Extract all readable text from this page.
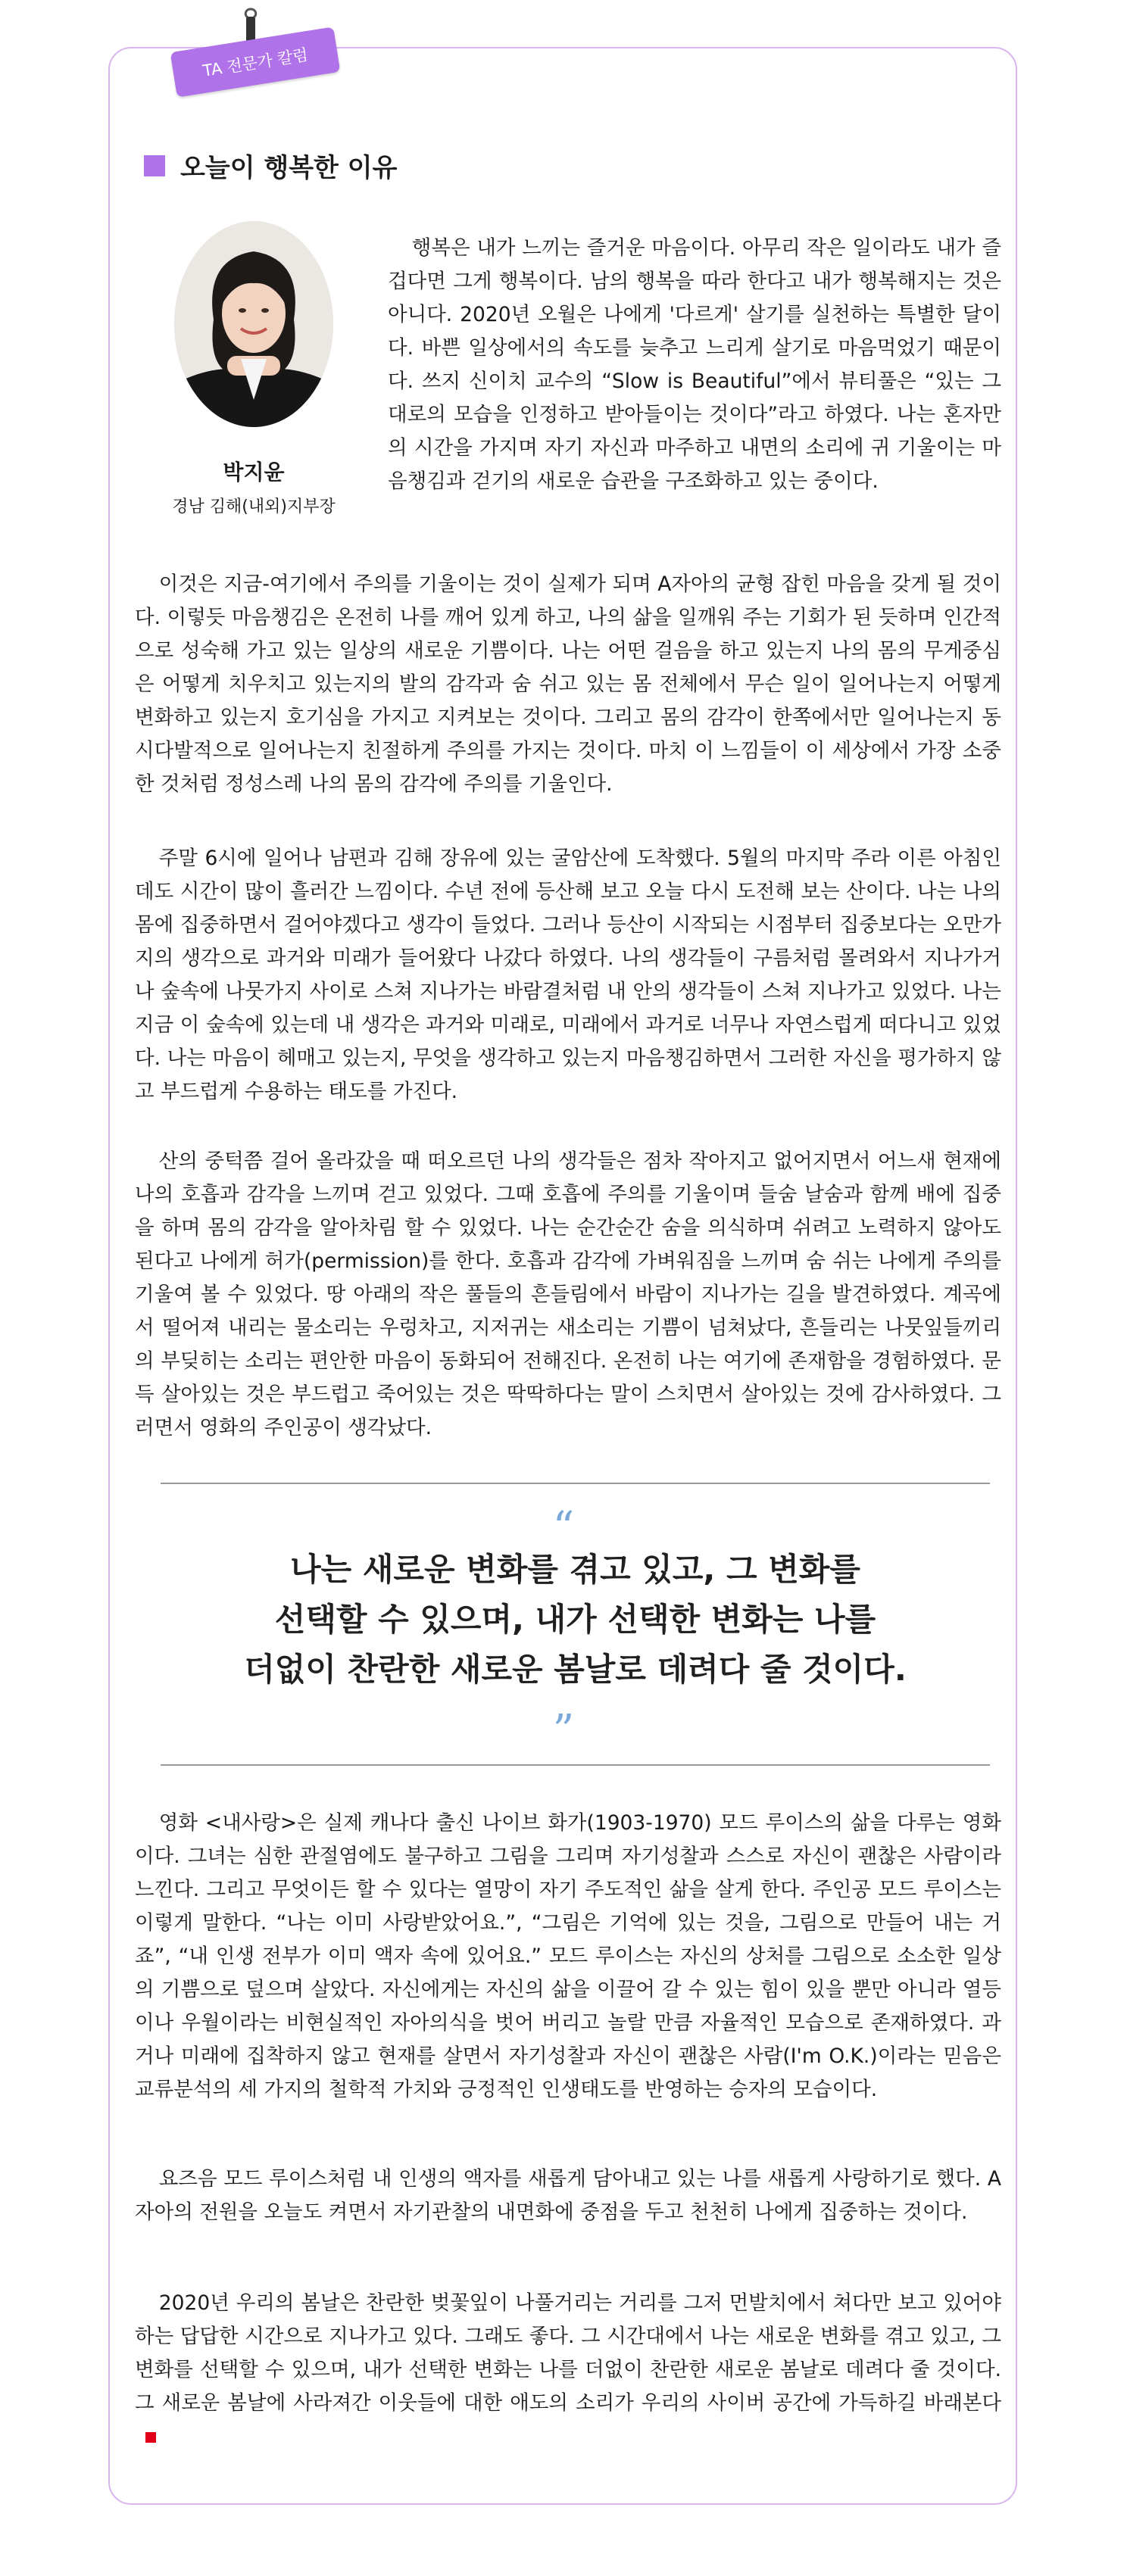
TA 전문가 칼럼
오늘이 행복한 이유
박지윤
경남 김해(내외)지부장

행복은 내가 느끼는 즐거운 마음이다. 아무리 작은 일이라도 내가 즐겁다면 그게 행복이다. 남의 행복을 따라 한다고 내가 행복해지는 것은 아니다. 2020년 오월은 나에게 '다르게' 살기를 실천하는 특별한 달이다. 바쁜 일상에서의 속도를 늦추고 느리게 살기로 마음먹었기 때문이다. 쓰지 신이치 교수의 “Slow is Beautiful”에서 뷰티풀은 “있는 그대로의 모습을 인정하고 받아들이는 것이다”라고 하였다. 나는 혼자만의 시간을 가지며 자기 자신과 마주하고 내면의 소리에 귀 기울이는 마음챙김과 걷기의 새로운 습관을 구조화하고 있는 중이다.

이것은 지금-여기에서 주의를 기울이는 것이 실제가 되며 A자아의 균형 잡힌 마음을 갖게 될 것이다. 이렇듯 마음챙김은 온전히 나를 깨어 있게 하고, 나의 삶을 일깨워 주는 기회가 된 듯하며 인간적으로 성숙해 가고 있는 일상의 새로운 기쁨이다. 나는 어떤 걸음을 하고 있는지 나의 몸의 무게중심은 어떻게 치우치고 있는지의 발의 감각과 숨 쉬고 있는 몸 전체에서 무슨 일이 일어나는지 어떻게 변화하고 있는지 호기심을 가지고 지켜보는 것이다. 그리고 몸의 감각이 한쪽에서만 일어나는지 동시다발적으로 일어나는지 친절하게 주의를 가지는 것이다. 마치 이 느낌들이 이 세상에서 가장 소중한 것처럼 정성스레 나의 몸의 감각에 주의를 기울인다.

주말 6시에 일어나 남편과 김해 장유에 있는 굴암산에 도착했다. 5월의 마지막 주라 이른 아침인데도 시간이 많이 흘러간 느낌이다. 수년 전에 등산해 보고 오늘 다시 도전해 보는 산이다. 나는 나의 몸에 집중하면서 걸어야겠다고 생각이 들었다. 그러나 등산이 시작되는 시점부터 집중보다는 오만가지의 생각으로 과거와 미래가 들어왔다 나갔다 하였다. 나의 생각들이 구름처럼 몰려와서 지나가거나 숲속에 나뭇가지 사이로 스쳐 지나가는 바람결처럼 내 안의 생각들이 스쳐 지나가고 있었다. 나는 지금 이 숲속에 있는데 내 생각은 과거와 미래로, 미래에서 과거로 너무나 자연스럽게 떠다니고 있었다. 나는 마음이 헤매고 있는지, 무엇을 생각하고 있는지 마음챙김하면서 그러한 자신을 평가하지 않고 부드럽게 수용하는 태도를 가진다.

산의 중턱쯤 걸어 올라갔을 때 떠오르던 나의 생각들은 점차 작아지고 없어지면서 어느새 현재에 나의 호흡과 감각을 느끼며 걷고 있었다. 그때 호흡에 주의를 기울이며 들숨 날숨과 함께 배에 집중을 하며 몸의 감각을 알아차림 할 수 있었다. 나는 순간순간 숨을 의식하며 쉬려고 노력하지 않아도 된다고 나에게 허가(permission)를 한다. 호흡과 감각에 가벼워짐을 느끼며 숨 쉬는 나에게 주의를 기울여 볼 수 있었다. 땅 아래의 작은 풀들의 흔들림에서 바람이 지나가는 길을 발견하였다. 계곡에서 떨어져 내리는 물소리는 우렁차고, 지저귀는 새소리는 기쁨이 넘쳐났다, 흔들리는 나뭇잎들끼리의 부딪히는 소리는 편안한 마음이 동화되어 전해진다. 온전히 나는 여기에 존재함을 경험하였다. 문득 살아있는 것은 부드럽고 죽어있는 것은 딱딱하다는 말이 스치면서 살아있는 것에 감사하였다. 그러면서 영화의 주인공이 생각났다.

“
나는 새로운 변화를 겪고 있고, 그 변화를
선택할 수 있으며, 내가 선택한 변화는 나를
더없이 찬란한 새로운 봄날로 데려다 줄 것이다.
”

영화 <내사랑>은 실제 캐나다 출신 나이브 화가(1903-1970) 모드 루이스의 삶을 다루는 영화이다. 그녀는 심한 관절염에도 불구하고 그림을 그리며 자기성찰과 스스로 자신이 괜찮은 사람이라 느낀다. 그리고 무엇이든 할 수 있다는 열망이 자기 주도적인 삶을 살게 한다. 주인공 모드 루이스는 이렇게 말한다. “나는 이미 사랑받았어요.”, “그림은 기억에 있는 것을, 그림으로 만들어 내는 거죠”, “내 인생 전부가 이미 액자 속에 있어요.” 모드 루이스는 자신의 상처를 그림으로 소소한 일상의 기쁨으로 덮으며 살았다. 자신에게는 자신의 삶을 이끌어 갈 수 있는 힘이 있을 뿐만 아니라 열등이나 우월이라는 비현실적인 자아의식을 벗어 버리고 놀랄 만큼 자율적인 모습으로 존재하였다. 과거나 미래에 집착하지 않고 현재를 살면서 자기성찰과 자신이 괜찮은 사람(I'm O.K.)이라는 믿음은 교류분석의 세 가지의 철학적 가치와 긍정적인 인생태도를 반영하는 승자의 모습이다.

요즈음 모드 루이스처럼 내 인생의 액자를 새롭게 담아내고 있는 나를 새롭게 사랑하기로 했다. A자아의 전원을 오늘도 켜면서 자기관찰의 내면화에 중점을 두고 천천히 나에게 집중하는 것이다.

2020년 우리의 봄날은 찬란한 벚꽃잎이 나풀거리는 거리를 그저 먼발치에서 쳐다만 보고 있어야 하는 답답한 시간으로 지나가고 있다. 그래도 좋다. 그 시간대에서 나는 새로운 변화를 겪고 있고, 그 변화를 선택할 수 있으며, 내가 선택한 변화는 나를 더없이 찬란한 새로운 봄날로 데려다 줄 것이다. 그 새로운 봄날에 사라져간 이웃들에 대한 애도의 소리가 우리의 사이버 공간에 가득하길 바래본다
